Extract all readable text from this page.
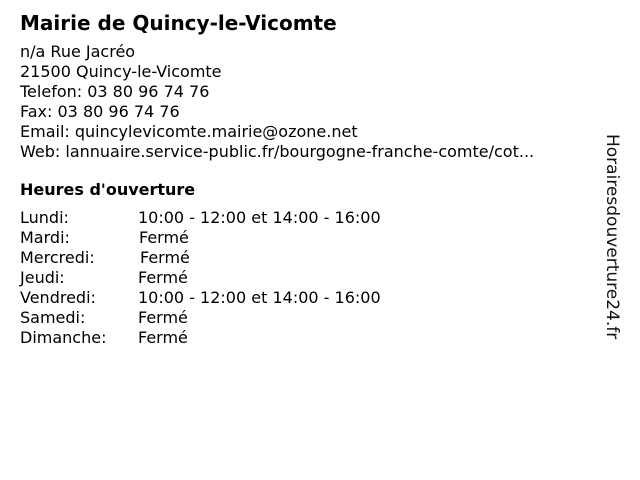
Mairie de Quincy-le-Vicomte
n/a Rue Jacréo
21500 Quincy-le-Vicomte
Telefon: 03 80 96 74 76
Fax: 03 80 96 74 76
Email: quincylevicomte.mairie@ozone.net
Web: lannuaire.service-public.fr/bourgogne-franche-comte/cot...
Heures d'ouverture
Lundi:	10:00 - 12:00 et 14:00 - 16:00
Mardi:	Fermé
Mercredi:	Fermé
Jeudi:	Fermé
Vendredi:	10:00 - 12:00 et 14:00 - 16:00
Samedi:	Fermé
Dimanche: Fermé	Horairesdouverture24.fr
